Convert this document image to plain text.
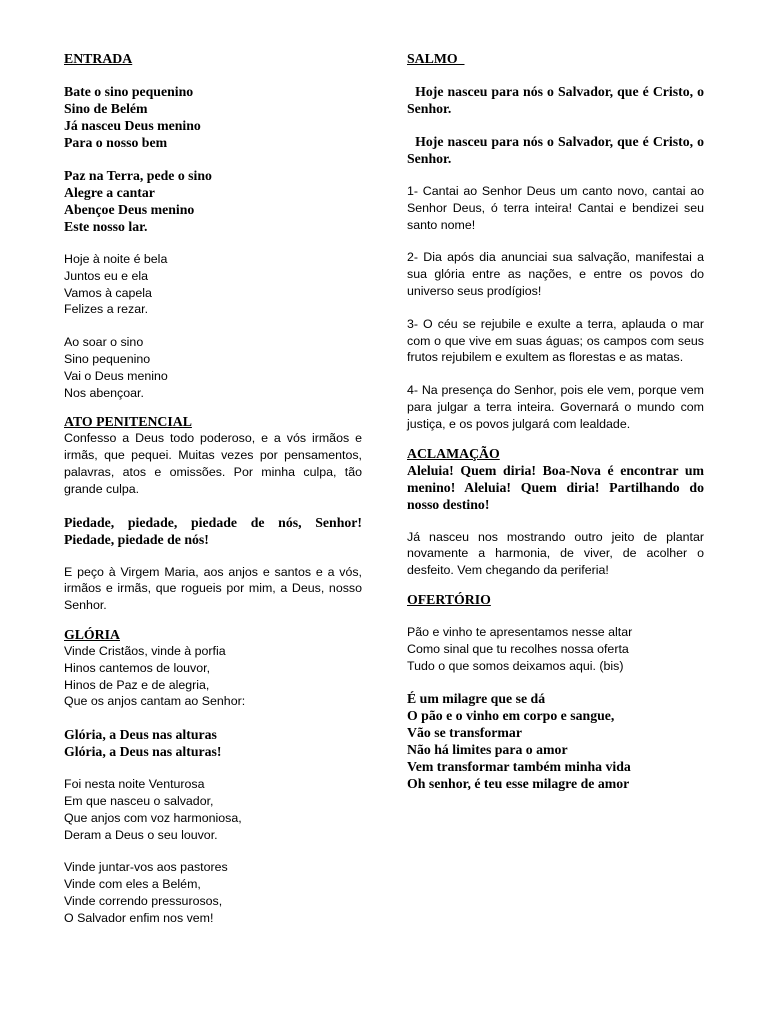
ENTRADA
Bate o sino pequenino
Sino de Belém
Já nasceu Deus menino
Para o nosso bem
Paz na Terra, pede o sino
Alegre a cantar
Abençoe Deus menino
Este nosso lar.
Hoje à noite é bela
Juntos eu e ela
Vamos à capela
Felizes a rezar.
Ao soar o sino
Sino pequenino
Vai o Deus menino
Nos abençoar.
ATO PENITENCIAL

Confesso a Deus todo poderoso, e a vós irmãos e irmãs, que pequei. Muitas vezes por pensamentos, palavras, atos e omissões. Por minha culpa, tão grande culpa.

Piedade, piedade, piedade de nós, Senhor! Piedade, piedade de nós!

E peço à Virgem Maria, aos anjos e santos e a vós, irmãos e irmãs, que rogueis por mim, a Deus, nosso Senhor.

GLÓRIA
Vinde Cristãos, vinde à porfia
Hinos cantemos de louvor,
Hinos de Paz e de alegria,
Que os anjos cantam ao Senhor:
Glória, a Deus nas alturas
Glória, a Deus nas alturas!
Foi nesta noite Venturosa
Em que nasceu o salvador,
Que anjos com voz harmoniosa,
Deram a Deus o seu louvor.
Vinde juntar-vos aos pastores
Vinde com eles a Belém,
Vinde correndo pressurosos,
O Salvador enfim nos vem!
SALMO

Hoje nasceu para nós o Salvador, que é Cristo, o Senhor.

Hoje nasceu para nós o Salvador, que é Cristo, o Senhor.

1- Cantai ao Senhor Deus um canto novo, cantai ao Senhor Deus, ó terra inteira! Cantai e bendizei seu santo nome!

2- Dia após dia anunciai sua salvação, manifestai a sua glória entre as nações, e entre os povos do universo seus prodígios!

3- O céu se rejubile e exulte a terra, aplauda o mar com o que vive em suas águas; os campos com seus frutos rejubilem e exultem as florestas e as matas.

4- Na presença do Senhor, pois ele vem, porque vem para julgar a terra inteira. Governará o mundo com justiça, e os povos julgará com lealdade.

ACLAMAÇÃO

Aleluia! Quem diria! Boa-Nova é encontrar um menino! Aleluia! Quem diria! Partilhando do nosso destino!

Já nasceu nos mostrando outro jeito de plantar novamente a harmonia, de viver, de acolher o desfeito. Vem chegando da periferia!

OFERTÓRIO
Pão e vinho te apresentamos nesse altar
Como sinal que tu recolhes nossa oferta
Tudo o que somos deixamos aqui. (bis)
É um milagre que se dá
O pão e o vinho em corpo e sangue,
Vão se transformar
Não há limites para o amor
Vem transformar também minha vida
Oh senhor, é teu esse milagre de amor
